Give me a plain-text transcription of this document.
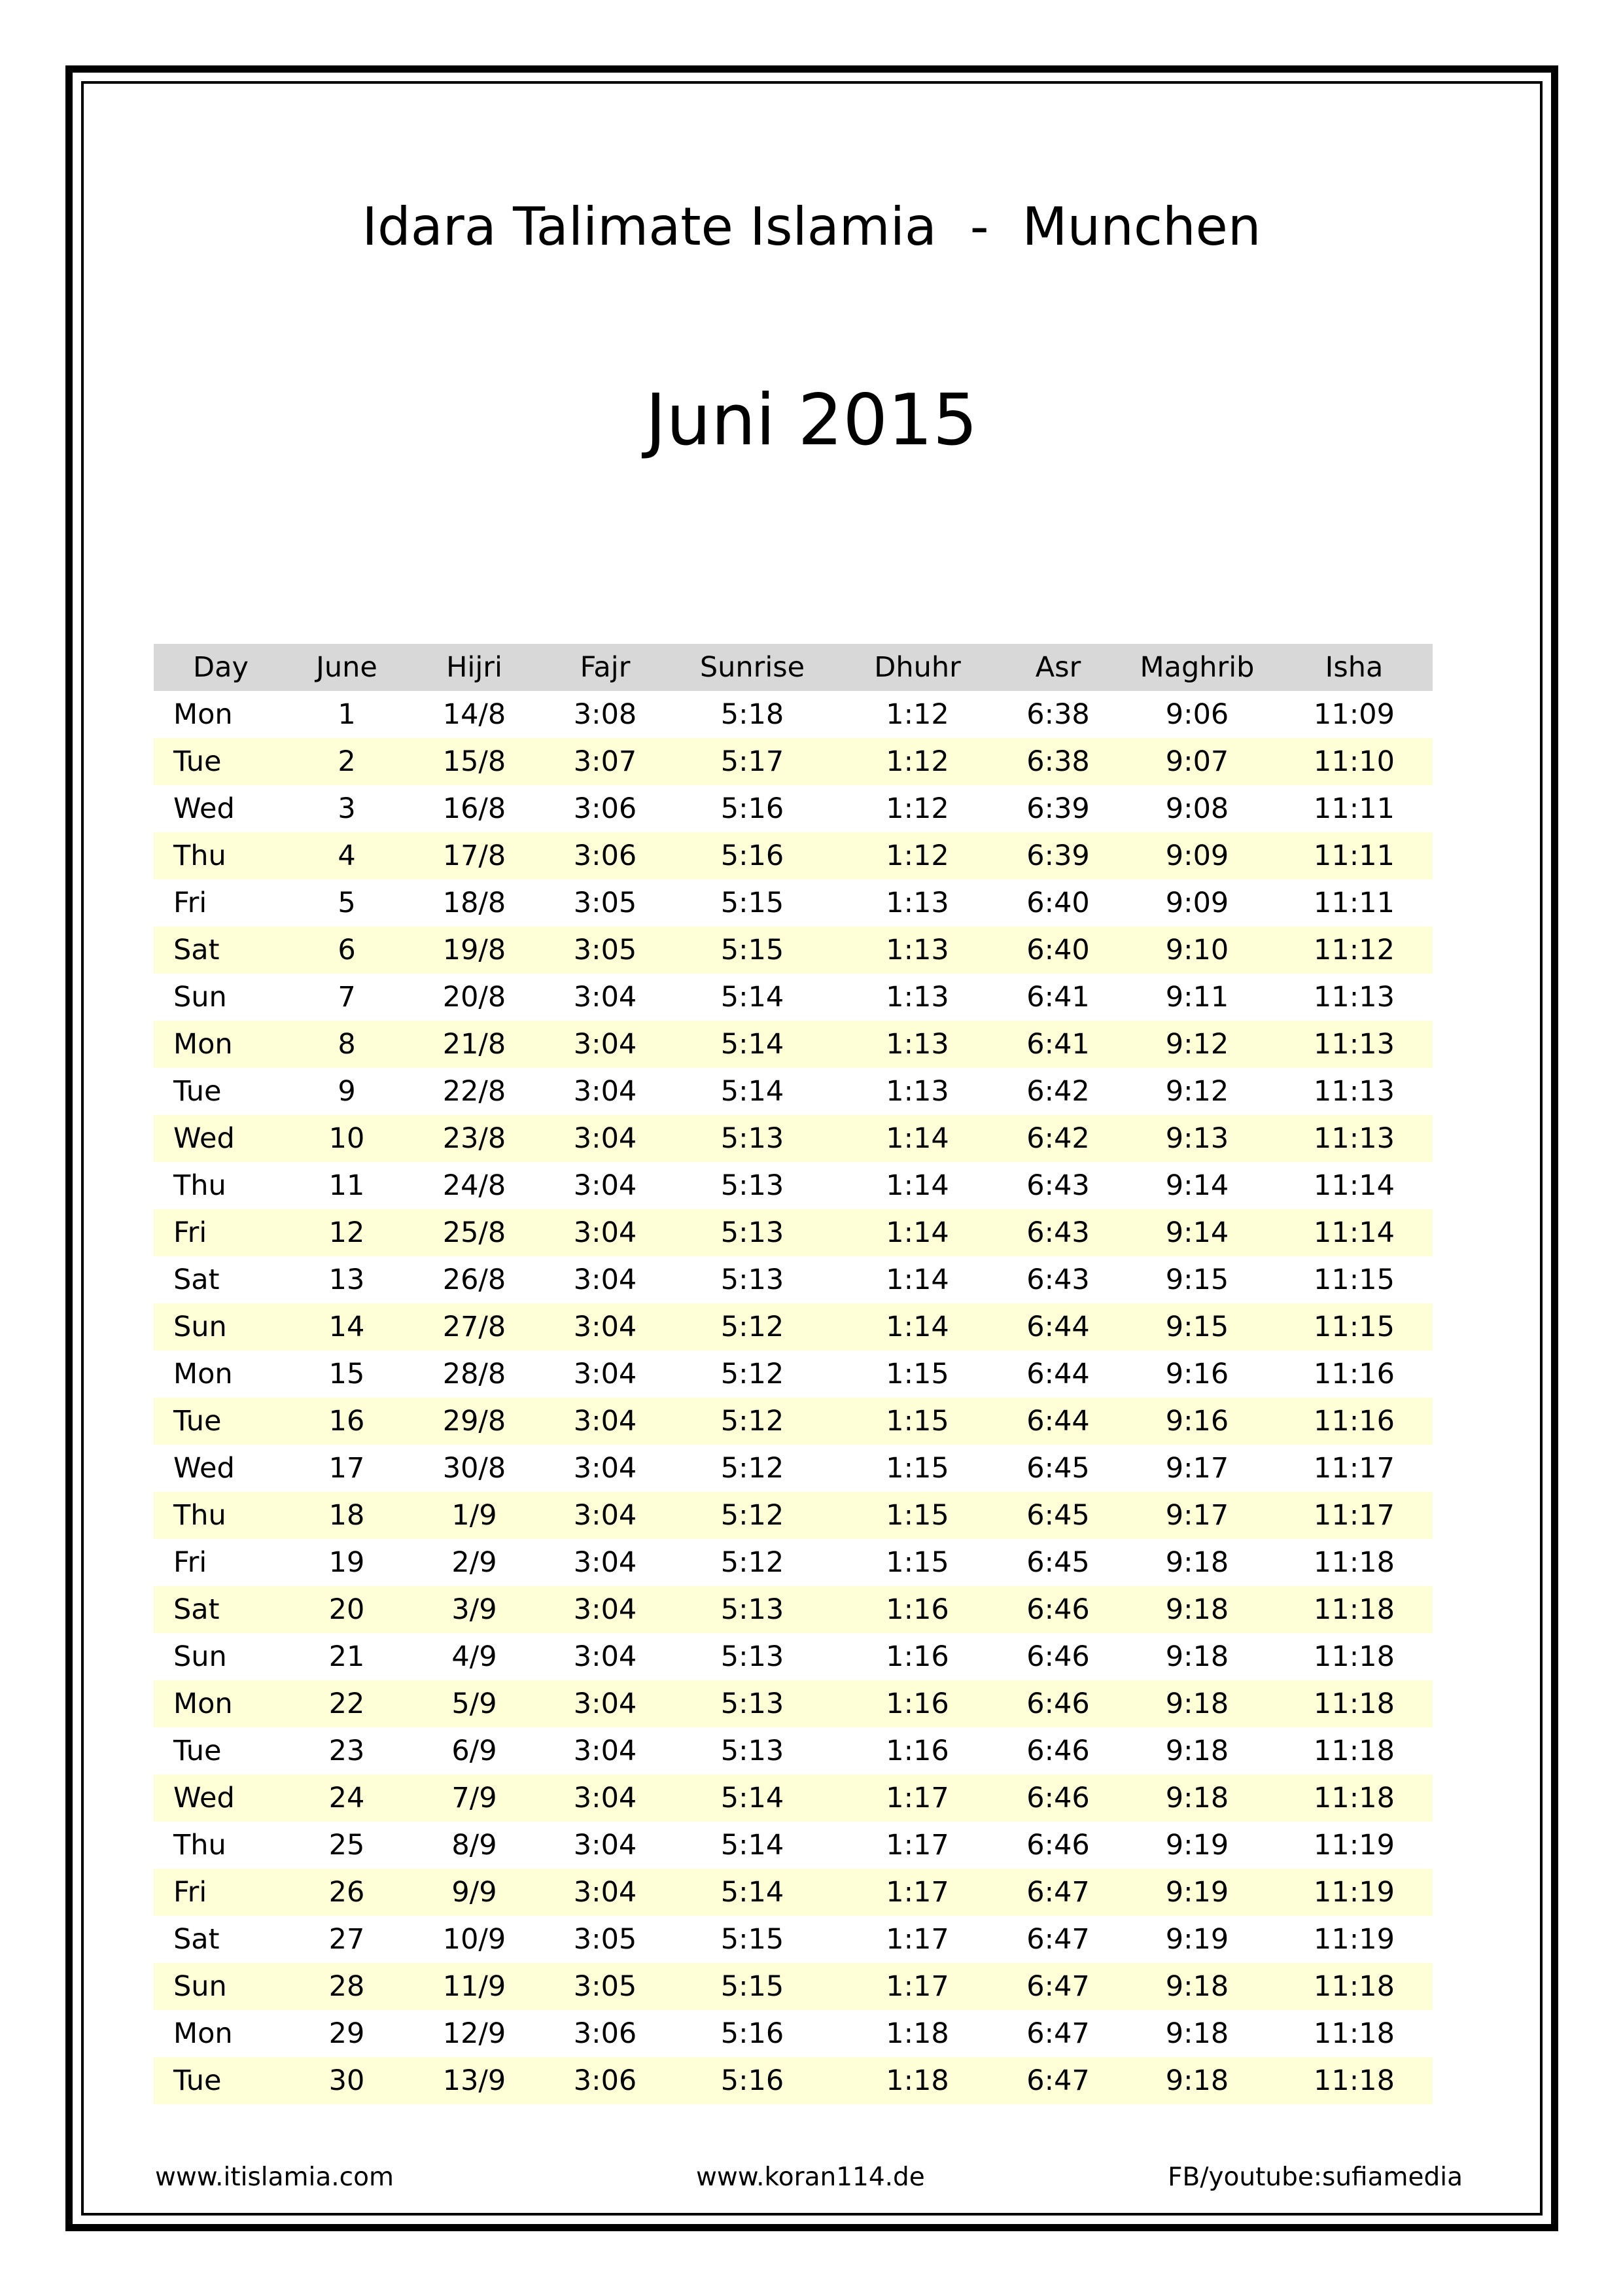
Idara Talimate Islamia  -  Munchen
Juni 2015
Day	June	Hijri	Fajr	Sunrise	Dhuhr	Asr	Maghrib	Isha
Mon	1	14/8	3:08	5:18	1:12	6:38	9:06	11:09
Tue	2	15/8	3:07	5:17	1:12	6:38	9:07	11:10
Wed	3	16/8	3:06	5:16	1:12	6:39	9:08	11:11
Thu	4	17/8	3:06	5:16	1:12	6:39	9:09	11:11
Fri	5	18/8	3:05	5:15	1:13	6:40	9:09	11:11
Sat	6	19/8	3:05	5:15	1:13	6:40	9:10	11:12
Sun	7	20/8	3:04	5:14	1:13	6:41	9:11	11:13
Mon	8	21/8	3:04	5:14	1:13	6:41	9:12	11:13
Tue	9	22/8	3:04	5:14	1:13	6:42	9:12	11:13
Wed	10	23/8	3:04	5:13	1:14	6:42	9:13	11:13
Thu	11	24/8	3:04	5:13	1:14	6:43	9:14	11:14
Fri	12	25/8	3:04	5:13	1:14	6:43	9:14	11:14
Sat	13	26/8	3:04	5:13	1:14	6:43	9:15	11:15
Sun	14	27/8	3:04	5:12	1:14	6:44	9:15	11:15
Mon	15	28/8	3:04	5:12	1:15	6:44	9:16	11:16
Tue	16	29/8	3:04	5:12	1:15	6:44	9:16	11:16
Wed	17	30/8	3:04	5:12	1:15	6:45	9:17	11:17
Thu	18	1/9	3:04	5:12	1:15	6:45	9:17	11:17
Fri	19	2/9	3:04	5:12	1:15	6:45	9:18	11:18
Sat	20	3/9	3:04	5:13	1:16	6:46	9:18	11:18
Sun	21	4/9	3:04	5:13	1:16	6:46	9:18	11:18
Mon	22	5/9	3:04	5:13	1:16	6:46	9:18	11:18
Tue	23	6/9	3:04	5:13	1:16	6:46	9:18	11:18
Wed	24	7/9	3:04	5:14	1:17	6:46	9:18	11:18
Thu	25	8/9	3:04	5:14	1:17	6:46	9:19	11:19
Fri	26	9/9	3:04	5:14	1:17	6:47	9:19	11:19
Sat	27	10/9	3:05	5:15	1:17	6:47	9:19	11:19
Sun	28	11/9	3:05	5:15	1:17	6:47	9:18	11:18
Mon	29	12/9	3:06	5:16	1:18	6:47	9:18	11:18
Tue	30	13/9	3:06	5:16	1:18	6:47	9:18	11:18
www.itislamia.com	www.koran114.de	FB/youtube:sufiamedia
